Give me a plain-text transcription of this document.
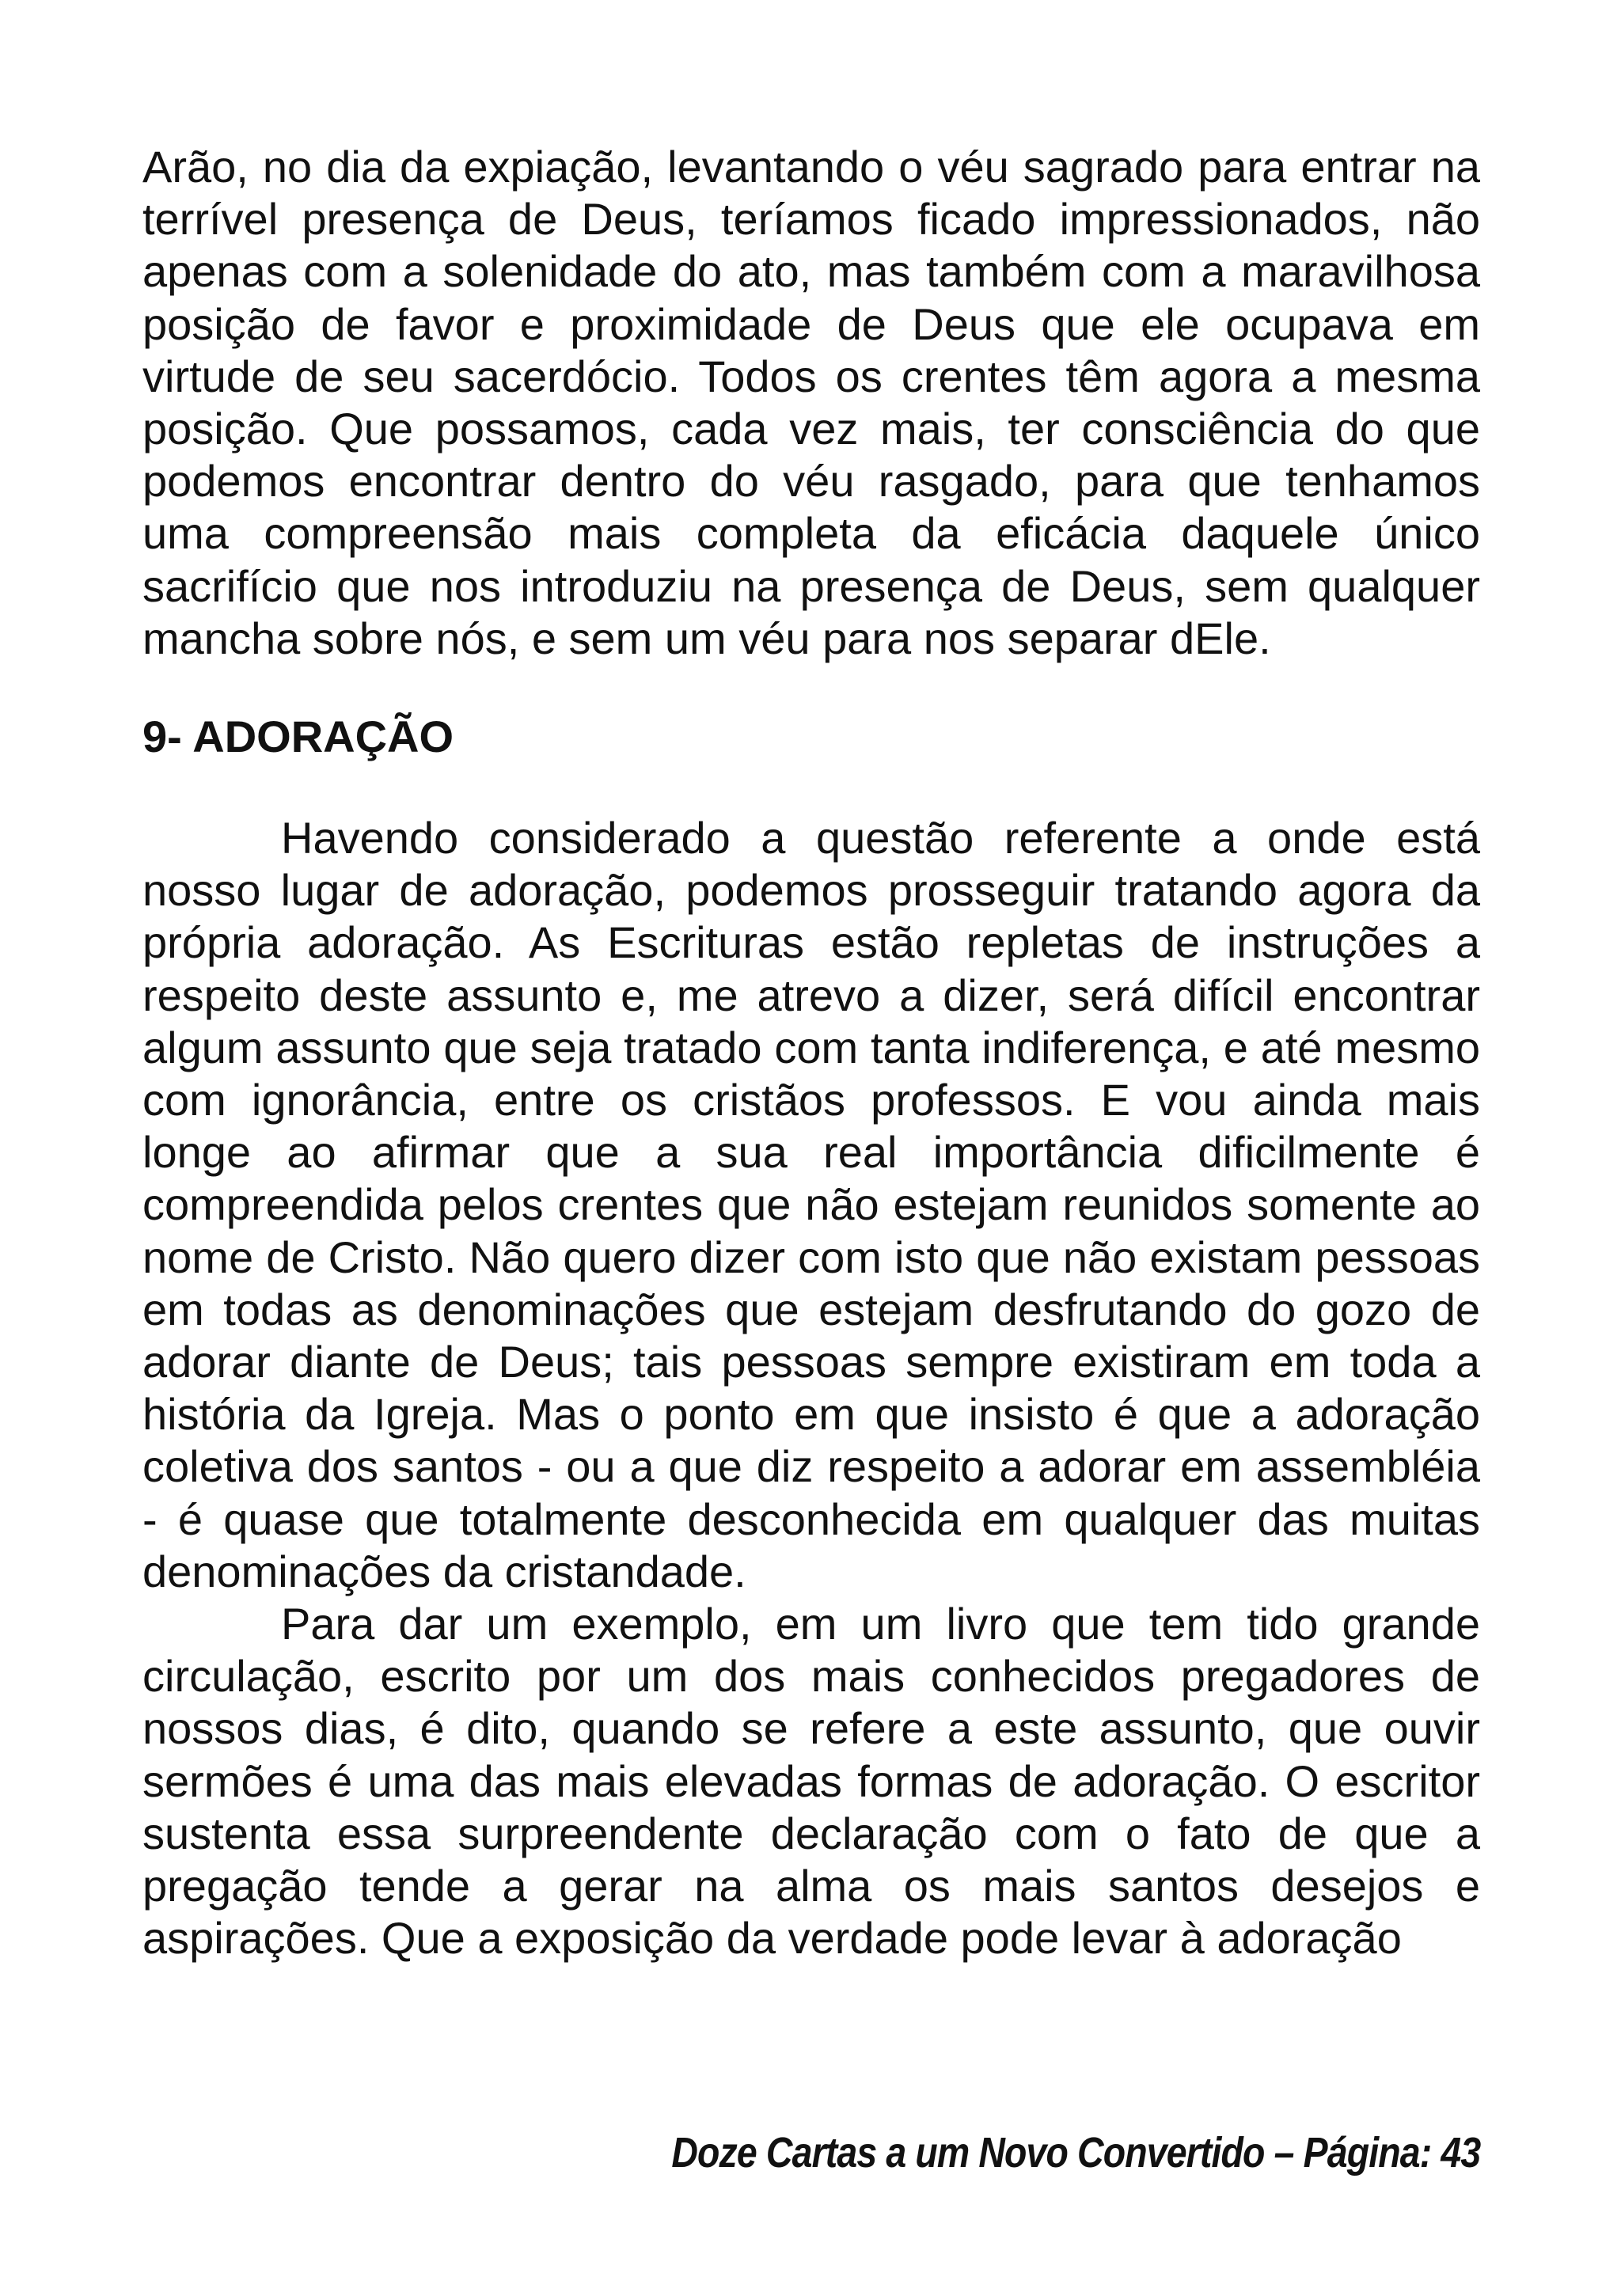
Arão, no dia da expiação, levantando o véu sagrado para entrar na terrível presença de Deus, teríamos ficado impressionados, não apenas com a solenidade do ato, mas também com a maravilhosa posição de favor e proximidade de Deus que ele ocupava em virtude de seu sacerdócio. Todos os crentes têm agora a mesma posição. Que possamos, cada vez mais, ter consciência do que podemos encontrar dentro do véu rasgado, para que tenhamos uma compreensão mais completa da eficácia daquele único sacrifício que nos introduziu na presença de Deus, sem qualquer mancha sobre nós, e sem um véu para nos separar dEle.

9- ADORAÇÃO

Havendo considerado a questão referente a onde está nosso lugar de adoração, podemos prosseguir tratando agora da própria adoração. As Escrituras estão repletas de instruções a respeito deste assunto e, me atrevo a dizer, será difícil encontrar algum assunto que seja tratado com tanta indiferença, e até mesmo com ignorância, entre os cristãos professos. E vou ainda mais longe ao afirmar que a sua real importância dificilmente é compreendida pelos crentes que não estejam reunidos somente ao nome de Cristo. Não quero dizer com isto que não existam pessoas em todas as denominações que estejam desfrutando do gozo de adorar diante de Deus; tais pessoas sempre existiram em toda a história da Igreja. Mas o ponto em que insisto é que a adoração coletiva dos santos - ou a que diz respeito a adorar em assembléia - é quase que totalmente desconhecida em qualquer das muitas denominações da cristandade.

Para dar um exemplo, em um livro que tem tido grande circulação, escrito por um dos mais conhecidos pregadores de nossos dias, é dito, quando se refere a este assunto, que ouvir sermões é uma das mais elevadas formas de adoração. O escritor sustenta essa surpreendente declaração com o fato de que a pregação tende a gerar na alma os mais santos desejos e aspirações. Que a exposição da verdade pode levar à adoração

Doze Cartas a um Novo Convertido – Página: 43
